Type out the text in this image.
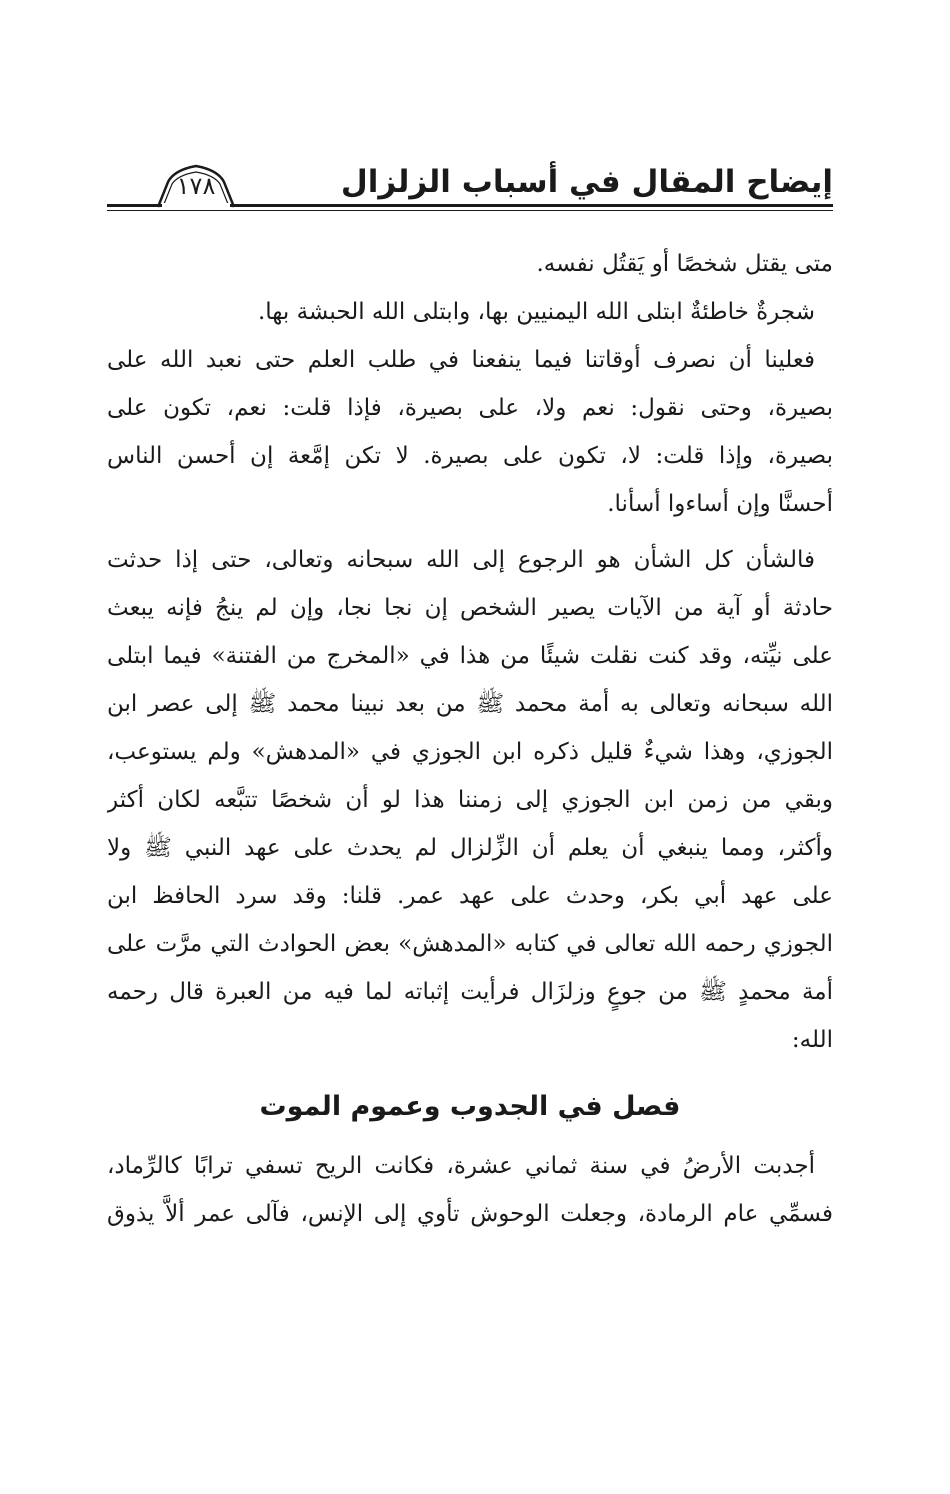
إيضاح المقال في أسباب الزلزال
١٧٨
متى يقتل شخصًا أو يَقتُل نفسه.
شجرةٌ خاطئةٌ ابتلى الله اليمنيين بها، وابتلى الله الحبشة بها.
فعلينا أن نصرف أوقاتنا فيما ينفعنا في طلب العلم حتى نعبد الله على
بصيرة، وحتى نقول: نعم ولا، على بصيرة، فإذا قلت: نعم، تكون على
بصيرة، وإذا قلت: لا، تكون على بصيرة. لا تكن إمَّعة إن أحسن الناس
أحسنَّا وإن أساءوا أسأنا.
فالشأن كل الشأن هو الرجوع إلى الله سبحانه وتعالى، حتى إذا حدثت
حادثة أو آية من الآيات يصير الشخص إن نجا نجا، وإن لم ينجُ فإنه يبعث
على نيِّته، وقد كنت نقلت شيئًا من هذا في «المخرج من الفتنة» فيما ابتلى
الله سبحانه وتعالى به أمة محمد ﷺ من بعد نبينا محمد ﷺ إلى عصر ابن
الجوزي، وهذا شيءٌ قليل ذكره ابن الجوزي في «المدهش» ولم يستوعب،
وبقي من زمن ابن الجوزي إلى زمننا هذا لو أن شخصًا تتبَّعه لكان أكثر
وأكثر، ومما ينبغي أن يعلم أن الزِّلزال لم يحدث على عهد النبي ﷺ ولا
على عهد أبي بكر، وحدث على عهد عمر. قلنا: وقد سرد الحافظ ابن
الجوزي رحمه الله تعالى في كتابه «المدهش» بعض الحوادث التي مرَّت على
أمة محمدٍ ﷺ من جوعٍ وزلزَال فرأيت إثباته لما فيه من العبرة قال رحمه
الله:
فصل في الجدوب وعموم الموت
أجدبت الأرضُ في سنة ثماني عشرة، فكانت الريح تسفي ترابًا كالرِّماد،
فسمِّي عام الرمادة، وجعلت الوحوش تأوي إلى الإنس، فآلى عمر ألاَّ يذوق
